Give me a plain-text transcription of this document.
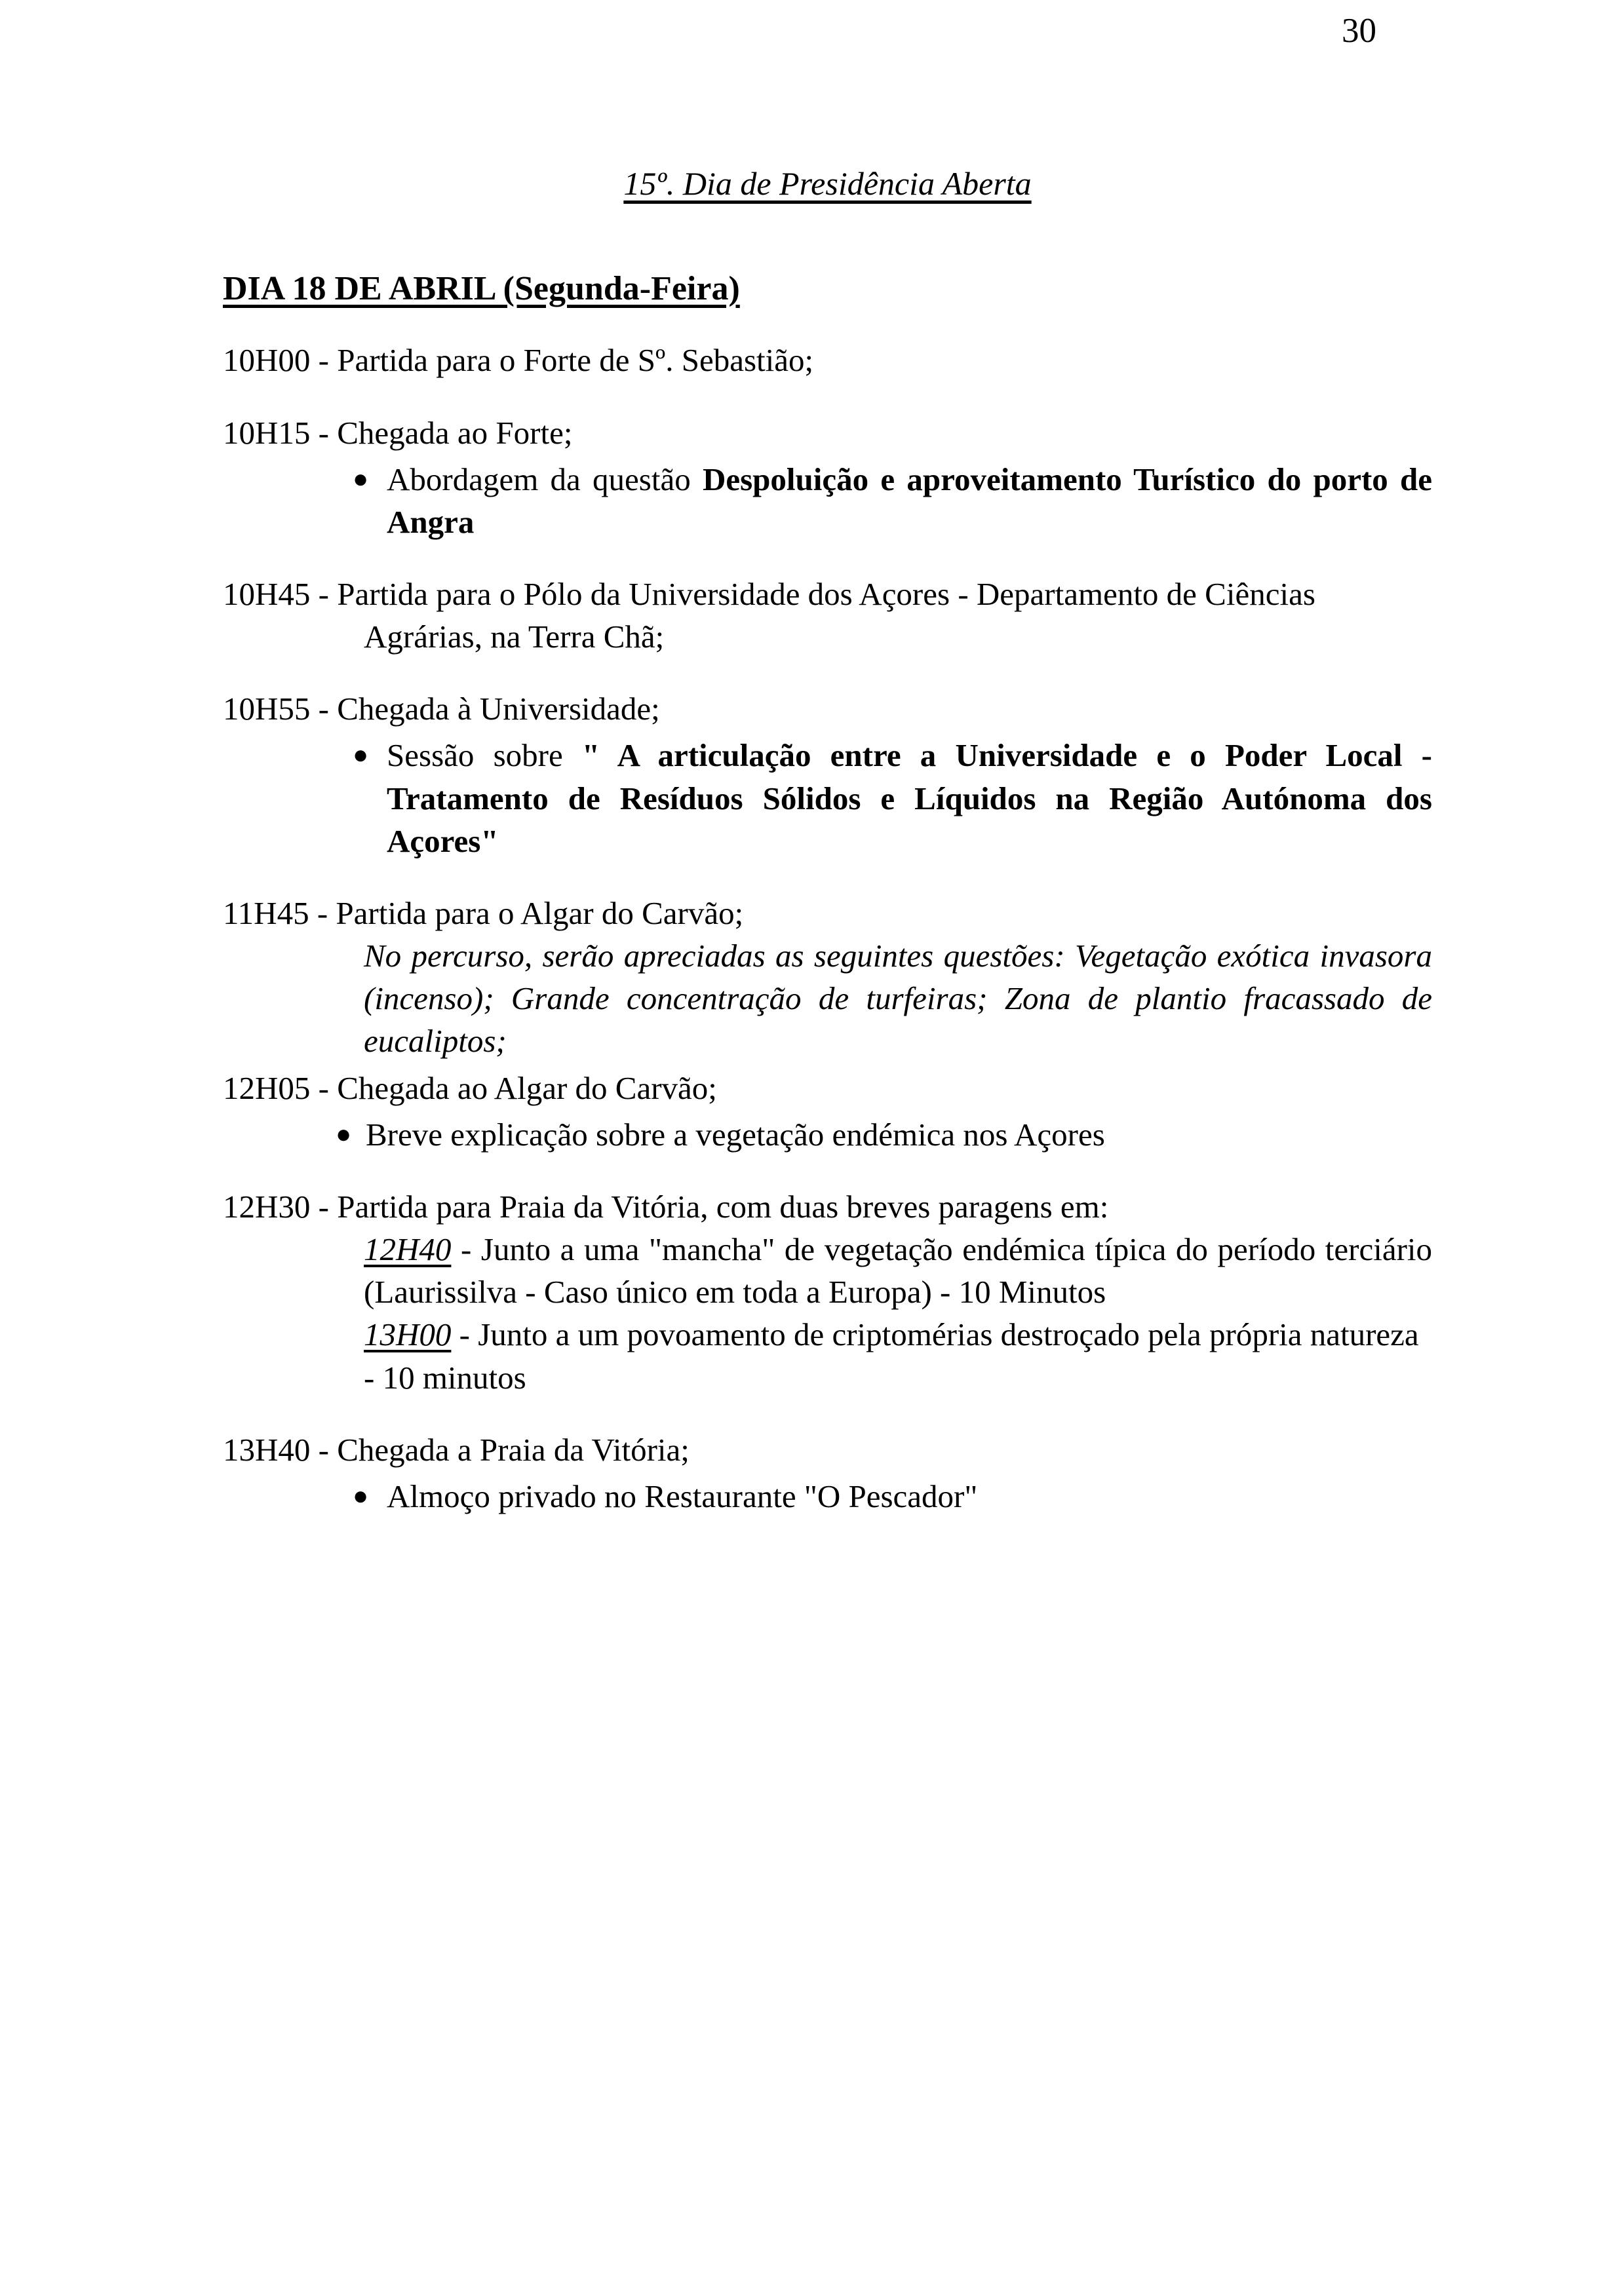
30
15º. Dia de Presidência Aberta
DIA 18 DE ABRIL (Segunda-Feira)
10H00 - Partida para o Forte de Sº. Sebastião;
10H15 - Chegada ao Forte;
● Abordagem da questão Despoluição e aproveitamento Turístico do porto de Angra
10H45 - Partida para o Pólo da Universidade dos Açores - Departamento de Ciências Agrárias, na Terra Chã;
10H55 - Chegada à Universidade;
● Sessão sobre " A articulação entre a Universidade e o Poder Local - Tratamento de Resíduos Sólidos e Líquidos na Região Autónoma dos Açores"
11H45 - Partida para o Algar do Carvão;
No percurso, serão apreciadas as seguintes questões: Vegetação exótica invasora (incenso); Grande concentração de turfeiras; Zona de plantio fracassado de eucaliptos;
12H05 - Chegada ao Algar do Carvão;
● Breve explicação sobre a vegetação endémica nos Açores
12H30 - Partida para Praia da Vitória, com duas breves paragens em:
12H40 - Junto a uma "mancha" de vegetação endémica típica do período terciário (Laurissilva - Caso único em toda a Europa) - 10 Minutos
13H00 - Junto a um povoamento de criptomérias destroçado pela própria natureza - 10 minutos
13H40 - Chegada a Praia da Vitória;
● Almoço privado no Restaurante "O Pescador"
